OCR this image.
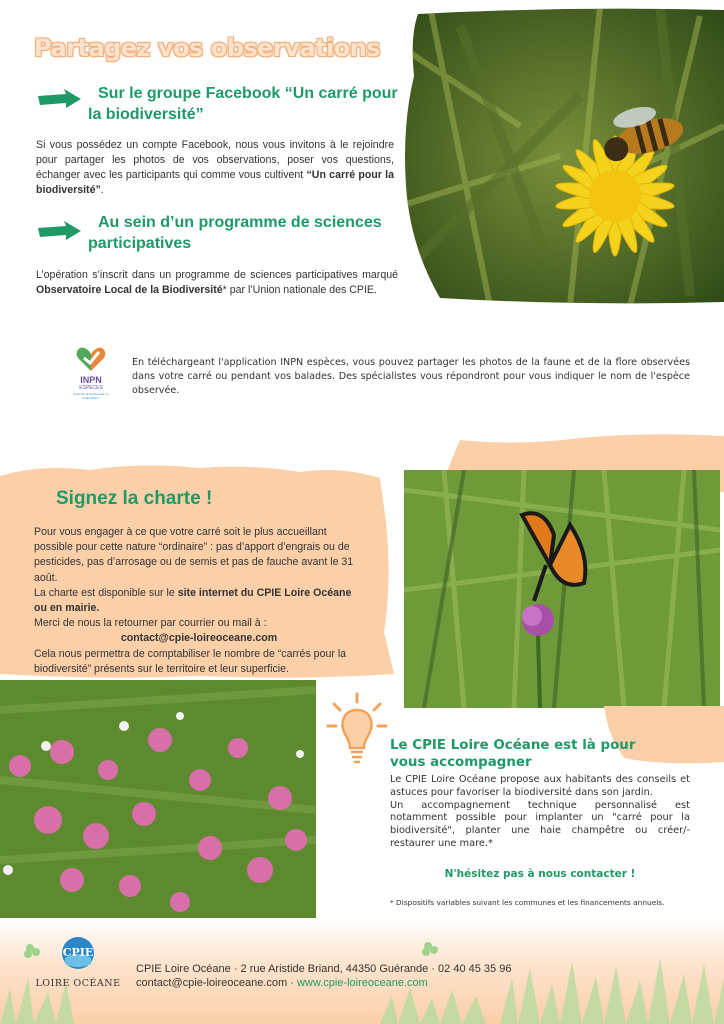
Partagez vos observations
Sur le groupe Facebook “Un carré pour la biodiversité”
Si vous possédez un compte Facebook, nous vous invitons à le rejoindre pour partager les photos de vos observations, poser vos questions, échanger avec les participants qui comme vous cultivent “Un carré pour la biodiversité”.
Au sein d’un programme de sciences participatives
L’opération s’inscrit dans un programme de sciences participatives marqué Observatoire Local de la Biodiversité* par l’Union nationale des CPIE.
INPN
ESPÈCES
Explorez la biodiversité en m'identifiant !
En téléchargeant l'application INPN espèces, vous pouvez partager les photos de la faune et de la flore observées dans votre carré ou pendant vos balades. Des spécialistes vous répondront pour vous indiquer le nom de l'espèce observée.
Signez la charte !
Pour vous engager à ce que votre carré soit le plus accueillant possible pour cette nature “ordinaire” : pas d’apport d’engrais ou de pesticides, pas d’arrosage ou de semis et pas de fauche avant le 31 août.
La charte est disponible sur le site internet du CPIE Loire Océane ou en mairie.
Merci de nous la retourner par courrier ou mail à :
contact@cpie-loireoceane.com
Cela nous permettra de comptabiliser le nombre de “carrés pour la biodiversité” présents sur le territoire et leur superficie.
Le CPIE Loire Océane est là pour vous accompagner
Le CPIE Loire Océane propose aux habitants des conseils et astuces pour favoriser la biodiversité dans son jardin.
Un accompagnement technique personnalisé est notamment possible pour implanter un "carré pour la biodiversité", planter une haie champêtre ou créer/-restaurer une mare.*
N'hésitez pas à nous contacter !
* Dispositifs variables suivant les communes et les financements annuels.
CPIE
LOIRE OCÉANE
CPIE Loire Océane · 2 rue Aristide Briand, 44350 Guérande · 02 40 45 35 96
contact@cpie-loireoceane.com · www.cpie-loireoceane.com
